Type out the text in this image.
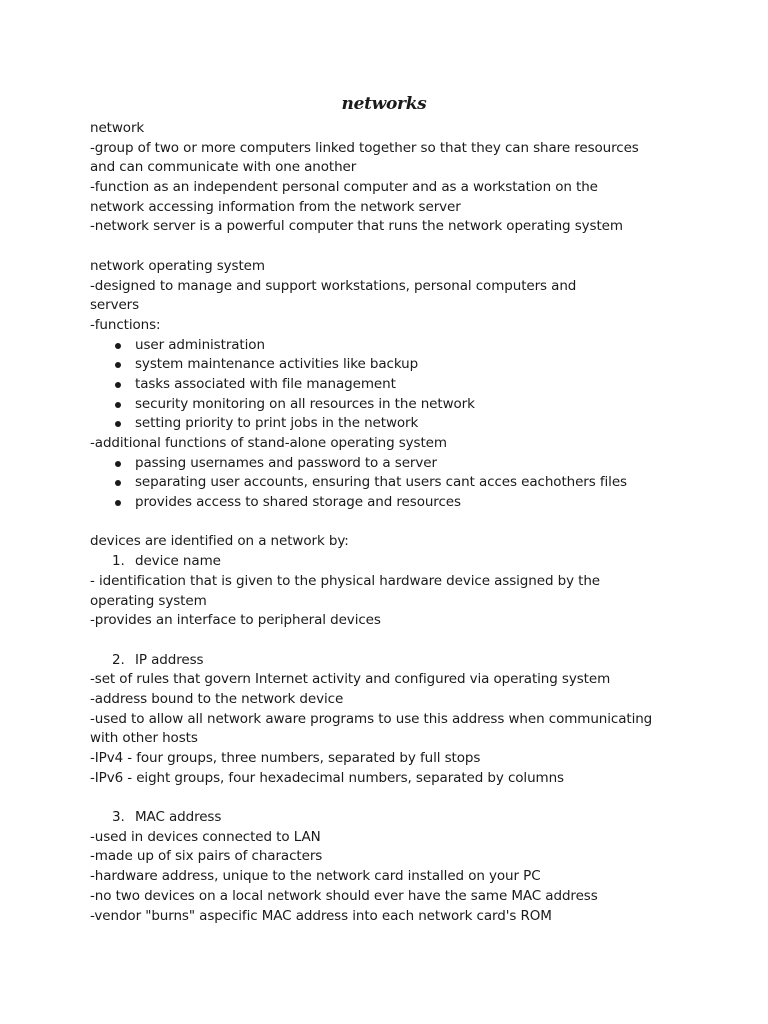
networks
network
-group of two or more computers linked together so that they can share resources
and can communicate with one another
-function as an independent personal computer and as a workstation on the
network accessing information from the network server
-network server is a powerful computer that runs the network operating system
network operating system
-designed to manage and support workstations, personal computers and
servers
-functions:
user administration
system maintenance activities like backup
tasks associated with file management
security monitoring on all resources in the network
setting priority to print jobs in the network
-additional functions of stand-alone operating system
passing usernames and password to a server
separating user accounts, ensuring that users cant acces eachothers files
provides access to shared storage and resources
devices are identified on a network by:
1. device name
- identification that is given to the physical hardware device assigned by the
operating system
-provides an interface to peripheral devices
2. IP address
-set of rules that govern Internet activity and configured via operating system
-address bound to the network device
-used to allow all network aware programs to use this address when communicating
with other hosts
-IPv4 - four groups, three numbers, separated by full stops
-IPv6 - eight groups, four hexadecimal numbers, separated by columns
3. MAC address
-used in devices connected to LAN
-made up of six pairs of characters
-hardware address, unique to the network card installed on your PC
-no two devices on a local network should ever have the same MAC address
-vendor "burns" aspecific MAC address into each network card's ROM
